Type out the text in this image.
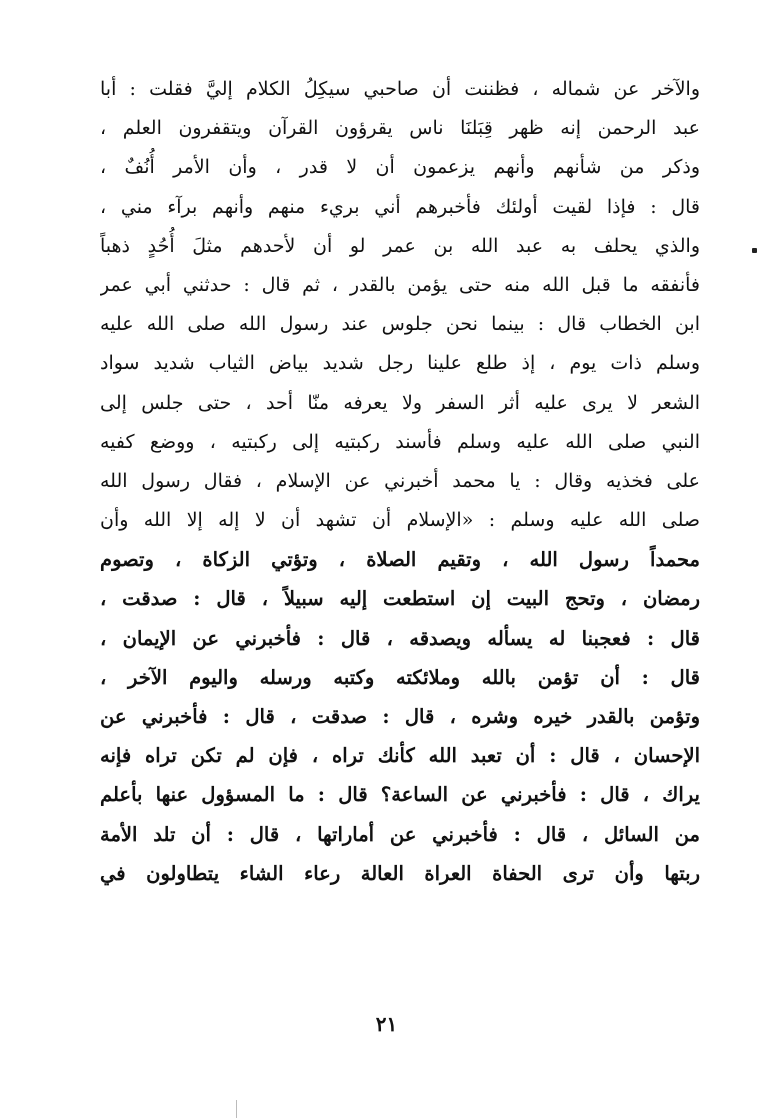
والآخر عن شماله ، فظننت أن صاحبي سيكِلُ الكلام إليَّ فقلت : أبا
عبد الرحمن إنه ظهر قِبَلنَا ناس يقرؤون القرآن ويتقفرون العلم ،
وذكر من شأنهم وأنهم يزعمون أن لا قدر ، وأن الأمر أُنُفٌ ،
قال : فإذا لقيت أولئك فأخبرهم أني بريء منهم وأنهم برآء مني ،
والذي يحلف به عبد الله بن عمر لو أن لأحدهم مثلَ أُحُدٍ ذهباً
فأنفقه ما قبل الله منه حتى يؤمن بالقدر ، ثم قال : حدثني أبي عمر
ابن الخطاب قال : بينما نحن جلوس عند رسول الله صلى الله عليه
وسلم ذات يوم ، إذ طلع علينا رجل شديد بياض الثياب شديد سواد
الشعر لا يرى عليه أثر السفر ولا يعرفه منّا أحد ، حتى جلس إلى
النبي صلى الله عليه وسلم فأسند ركبتيه إلى ركبتيه ، ووضع كفيه
على فخذيه وقال : يا محمد أخبرني عن الإسلام ، فقال رسول الله
صلى الله عليه وسلم : «الإسلام أن تشهد أن لا إله إلا الله وأن
محمداً رسول الله ، وتقيم الصلاة ، وتؤتي الزكاة ، وتصوم
رمضان ، وتحج البيت إن استطعت إليه سبيلاً ، قال : صدقت ،
قال : فعجبنا له يسأله ويصدقه ، قال : فأخبرني عن الإيمان ،
قال : أن تؤمن بالله وملائكته وكتبه ورسله واليوم الآخر ،
وتؤمن بالقدر خيره وشره ، قال : صدقت ، قال : فأخبرني عن
الإحسان ، قال : أن تعبد الله كأنك تراه ، فإن لم تكن تراه فإنه
يراك ، قال : فأخبرني عن الساعة؟ قال : ما المسؤول عنها بأعلم
من السائل ، قال : فأخبرني عن أماراتها ، قال : أن تلد الأمة
ربتها وأن ترى الحفاة العراة العالة رعاء الشاء يتطاولون في
٢١
